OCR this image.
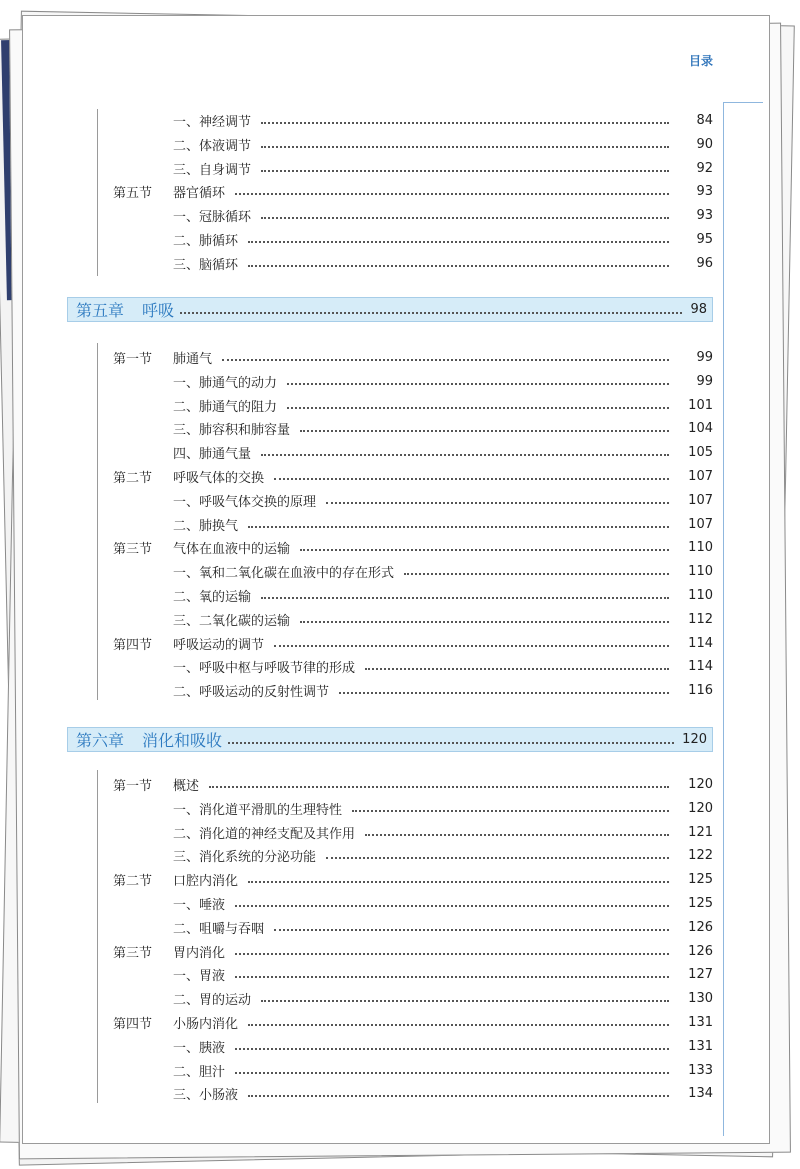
目录
一、神经调节	84
二、体液调节	90
三、自身调节	92
第五节 器官循环	93
一、冠脉循环	93
二、肺循环	95
三、脑循环	96
第五章 呼吸	98
第一节 肺通气	99
一、肺通气的动力	99
二、肺通气的阻力	101
三、肺容积和肺容量	104
四、肺通气量	105
第二节 呼吸气体的交换	107
一、呼吸气体交换的原理	107
二、肺换气	107
第三节 气体在血液中的运输	110
一、氧和二氧化碳在血液中的存在形式	110
二、氧的运输	110
三、二氧化碳的运输	112
第四节 呼吸运动的调节	114
一、呼吸中枢与呼吸节律的形成	114
二、呼吸运动的反射性调节	116
第六章 消化和吸收	120
第一节 概述	120
一、消化道平滑肌的生理特性	120
二、消化道的神经支配及其作用	121
三、消化系统的分泌功能	122
第二节 口腔内消化	125
一、唾液	125
二、咀嚼与吞咽	126
第三节 胃内消化	126
一、胃液	127
二、胃的运动	130
第四节 小肠内消化	131
一、胰液	131
二、胆汁	133
三、小肠液	134
